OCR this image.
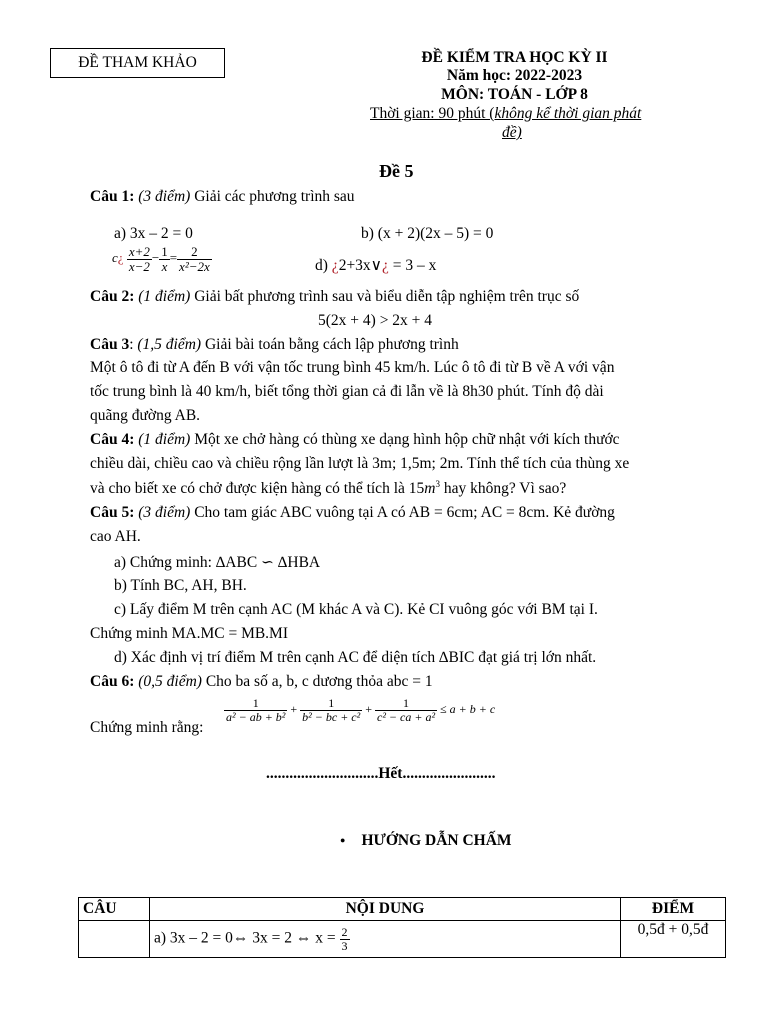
ĐỀ THAM KHẢO	ĐỀ KIỂM TRA HỌC KỲ II
Năm học: 2022-2023
MÔN: TOÁN - LỚP 8
Thời gian: 90 phút (không kể thời gian phát
đề)
Đề 5
Câu 1: (3 điểm) Giải các phương trình sau
a) 3x – 2 = 0	b) (x + 2)(2x – 5) = 0
c¿ $\frac{x+2}{x-2} - \frac{1}{x} = \frac{2}{\text{x²−2x}}$	d) ¿2+3x∨¿ = 3 – x
Câu 2: (1 điểm) Giải bất phương trình sau và biểu diễn tập nghiệm trên trục số
5(2x + 4) > 2x + 4
Câu 3: (1,5 điểm) Giải bài toán bằng cách lập phương trình
Một ô tô đi từ A đến B với vận tốc trung bình 45 km/h. Lúc ô tô đi từ B về A với vận
tốc trung bình là 40 km/h, biết tổng thời gian cả đi lẫn về là 8h30 phút. Tính độ dài
quãng đường AB.
Câu 4: (1 điểm) Một xe chở hàng có thùng xe dạng hình hộp chữ nhật với kích thước
chiều dài, chiều cao và chiều rộng lần lượt là 3m; 1,5m; 2m. Tính thể tích của thùng xe
và cho biết xe có chở được kiện hàng có thể tích là $15m^3$ hay không? Vì sao?
Câu 5: (3 điểm) Cho tam giác ABC vuông tại A có AB = 6cm; AC = 8cm. Kẻ đường
cao AH.
a) Chứng minh: ∆ABC ∽ ∆HBA
b) Tính BC, AH, BH.
c) Lấy điểm M trên cạnh AC (M khác A và C). Kẻ CI vuông góc với BM tại I.
Chứng minh MA.MC = MB.MI
d) Xác định vị trí điểm M trên cạnh AC để diện tích ∆BIC đạt giá trị lớn nhất.
Câu 6: (0,5 điểm) Cho ba số a, b, c dương thỏa abc = 1
Chứng minh rằng:
$\frac{1}{\text{a² − ab + b²}} + \frac{1}{\text{b² − bc + c²}} + \frac{1}{\text{c² − ca + a²}} \le a + b + c$
.............................Hết........................
● HƯỚNG DẪN CHẤM
CÂU	NỘI DUNG	ĐIỂM
	a) 3x – 2 = 0⇔ 3x = 2 ⇔ $x = \frac{2}{3}$	0,5đ + 0,5đ
